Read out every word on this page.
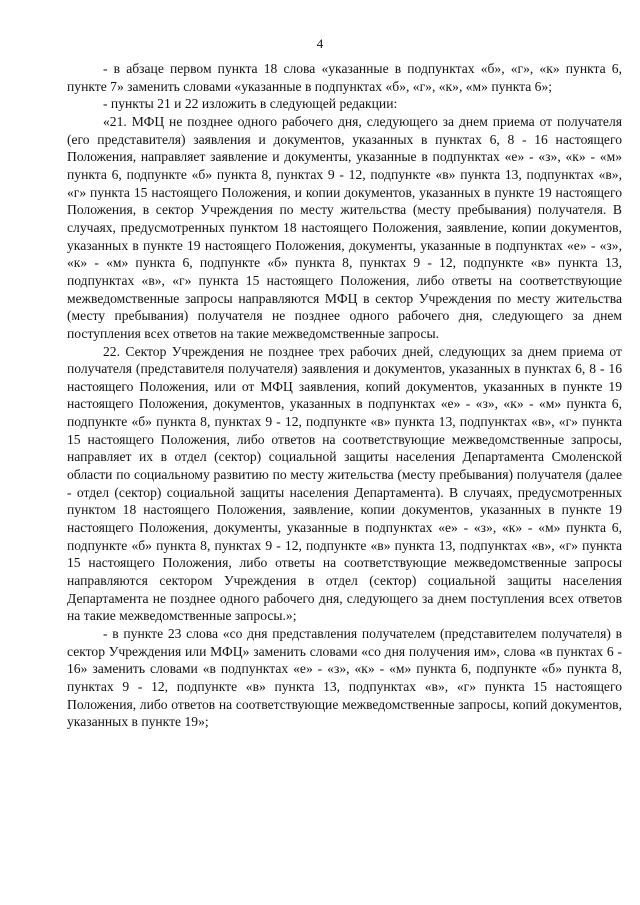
4

- в абзаце первом пункта 18 слова «указанные в подпунктах «б», «г», «к» пункта 6, пункте 7» заменить словами «указанные в подпунктах «б», «г», «к», «м» пункта 6»;

- пункты 21 и 22 изложить в следующей редакции:

«21. МФЦ не позднее одного рабочего дня, следующего за днем приема от получателя (его представителя) заявления и документов, указанных в пунктах 6, 8 - 16 настоящего Положения, направляет заявление и документы, указанные в подпунктах «е» - «з», «к» - «м» пункта 6, подпункте «б» пункта 8, пунктах 9 - 12, подпункте «в» пункта 13, подпунктах «в», «г» пункта 15 настоящего Положения, и копии документов, указанных в пункте 19 настоящего Положения, в сектор Учреждения по месту жительства (месту пребывания) получателя. В случаях, предусмотренных пунктом 18 настоящего Положения, заявление, копии документов, указанных в пункте 19 настоящего Положения, документы, указанные в подпунктах «е» - «з», «к» - «м» пункта 6, подпункте «б» пункта 8, пунктах 9 - 12, подпункте «в» пункта 13, подпунктах «в», «г» пункта 15 настоящего Положения, либо ответы на соответствующие межведомственные запросы направляются МФЦ в сектор Учреждения по месту жительства (месту пребывания) получателя не позднее одного рабочего дня, следующего за днем поступления всех ответов на такие межведомственные запросы.

22. Сектор Учреждения не позднее трех рабочих дней, следующих за днем приема от получателя (представителя получателя) заявления и документов, указанных в пунктах 6, 8 - 16 настоящего Положения, или от МФЦ заявления, копий документов, указанных в пункте 19 настоящего Положения, документов, указанных в подпунктах «е» - «з», «к» - «м» пункта 6, подпункте «б» пункта 8, пунктах 9 - 12, подпункте «в» пункта 13, подпунктах «в», «г» пункта 15 настоящего Положения, либо ответов на соответствующие межведомственные запросы, направляет их в отдел (сектор) социальной защиты населения Департамента Смоленской области по социальному развитию по месту жительства (месту пребывания) получателя (далее - отдел (сектор) социальной защиты населения Департамента). В случаях, предусмотренных пунктом 18 настоящего Положения, заявление, копии документов, указанных в пункте 19 настоящего Положения, документы, указанные в подпунктах «е» - «з», «к» - «м» пункта 6, подпункте «б» пункта 8, пунктах 9 - 12, подпункте «в» пункта 13, подпунктах «в», «г» пункта 15 настоящего Положения, либо ответы на соответствующие межведомственные запросы направляются сектором Учреждения в отдел (сектор) социальной защиты населения Департамента не позднее одного рабочего дня, следующего за днем поступления всех ответов на такие межведомственные запросы.»;

- в пункте 23 слова «со дня представления получателем (представителем получателя) в сектор Учреждения или МФЦ» заменить словами «со дня получения им», слова «в пунктах 6 - 16» заменить словами «в подпунктах «е» - «з», «к» - «м» пункта 6, подпункте «б» пункта 8, пунктах 9 - 12, подпункте «в» пункта 13, подпунктах «в», «г» пункта 15 настоящего Положения, либо ответов на соответствующие межведомственные запросы, копий документов, указанных в пункте 19»;
